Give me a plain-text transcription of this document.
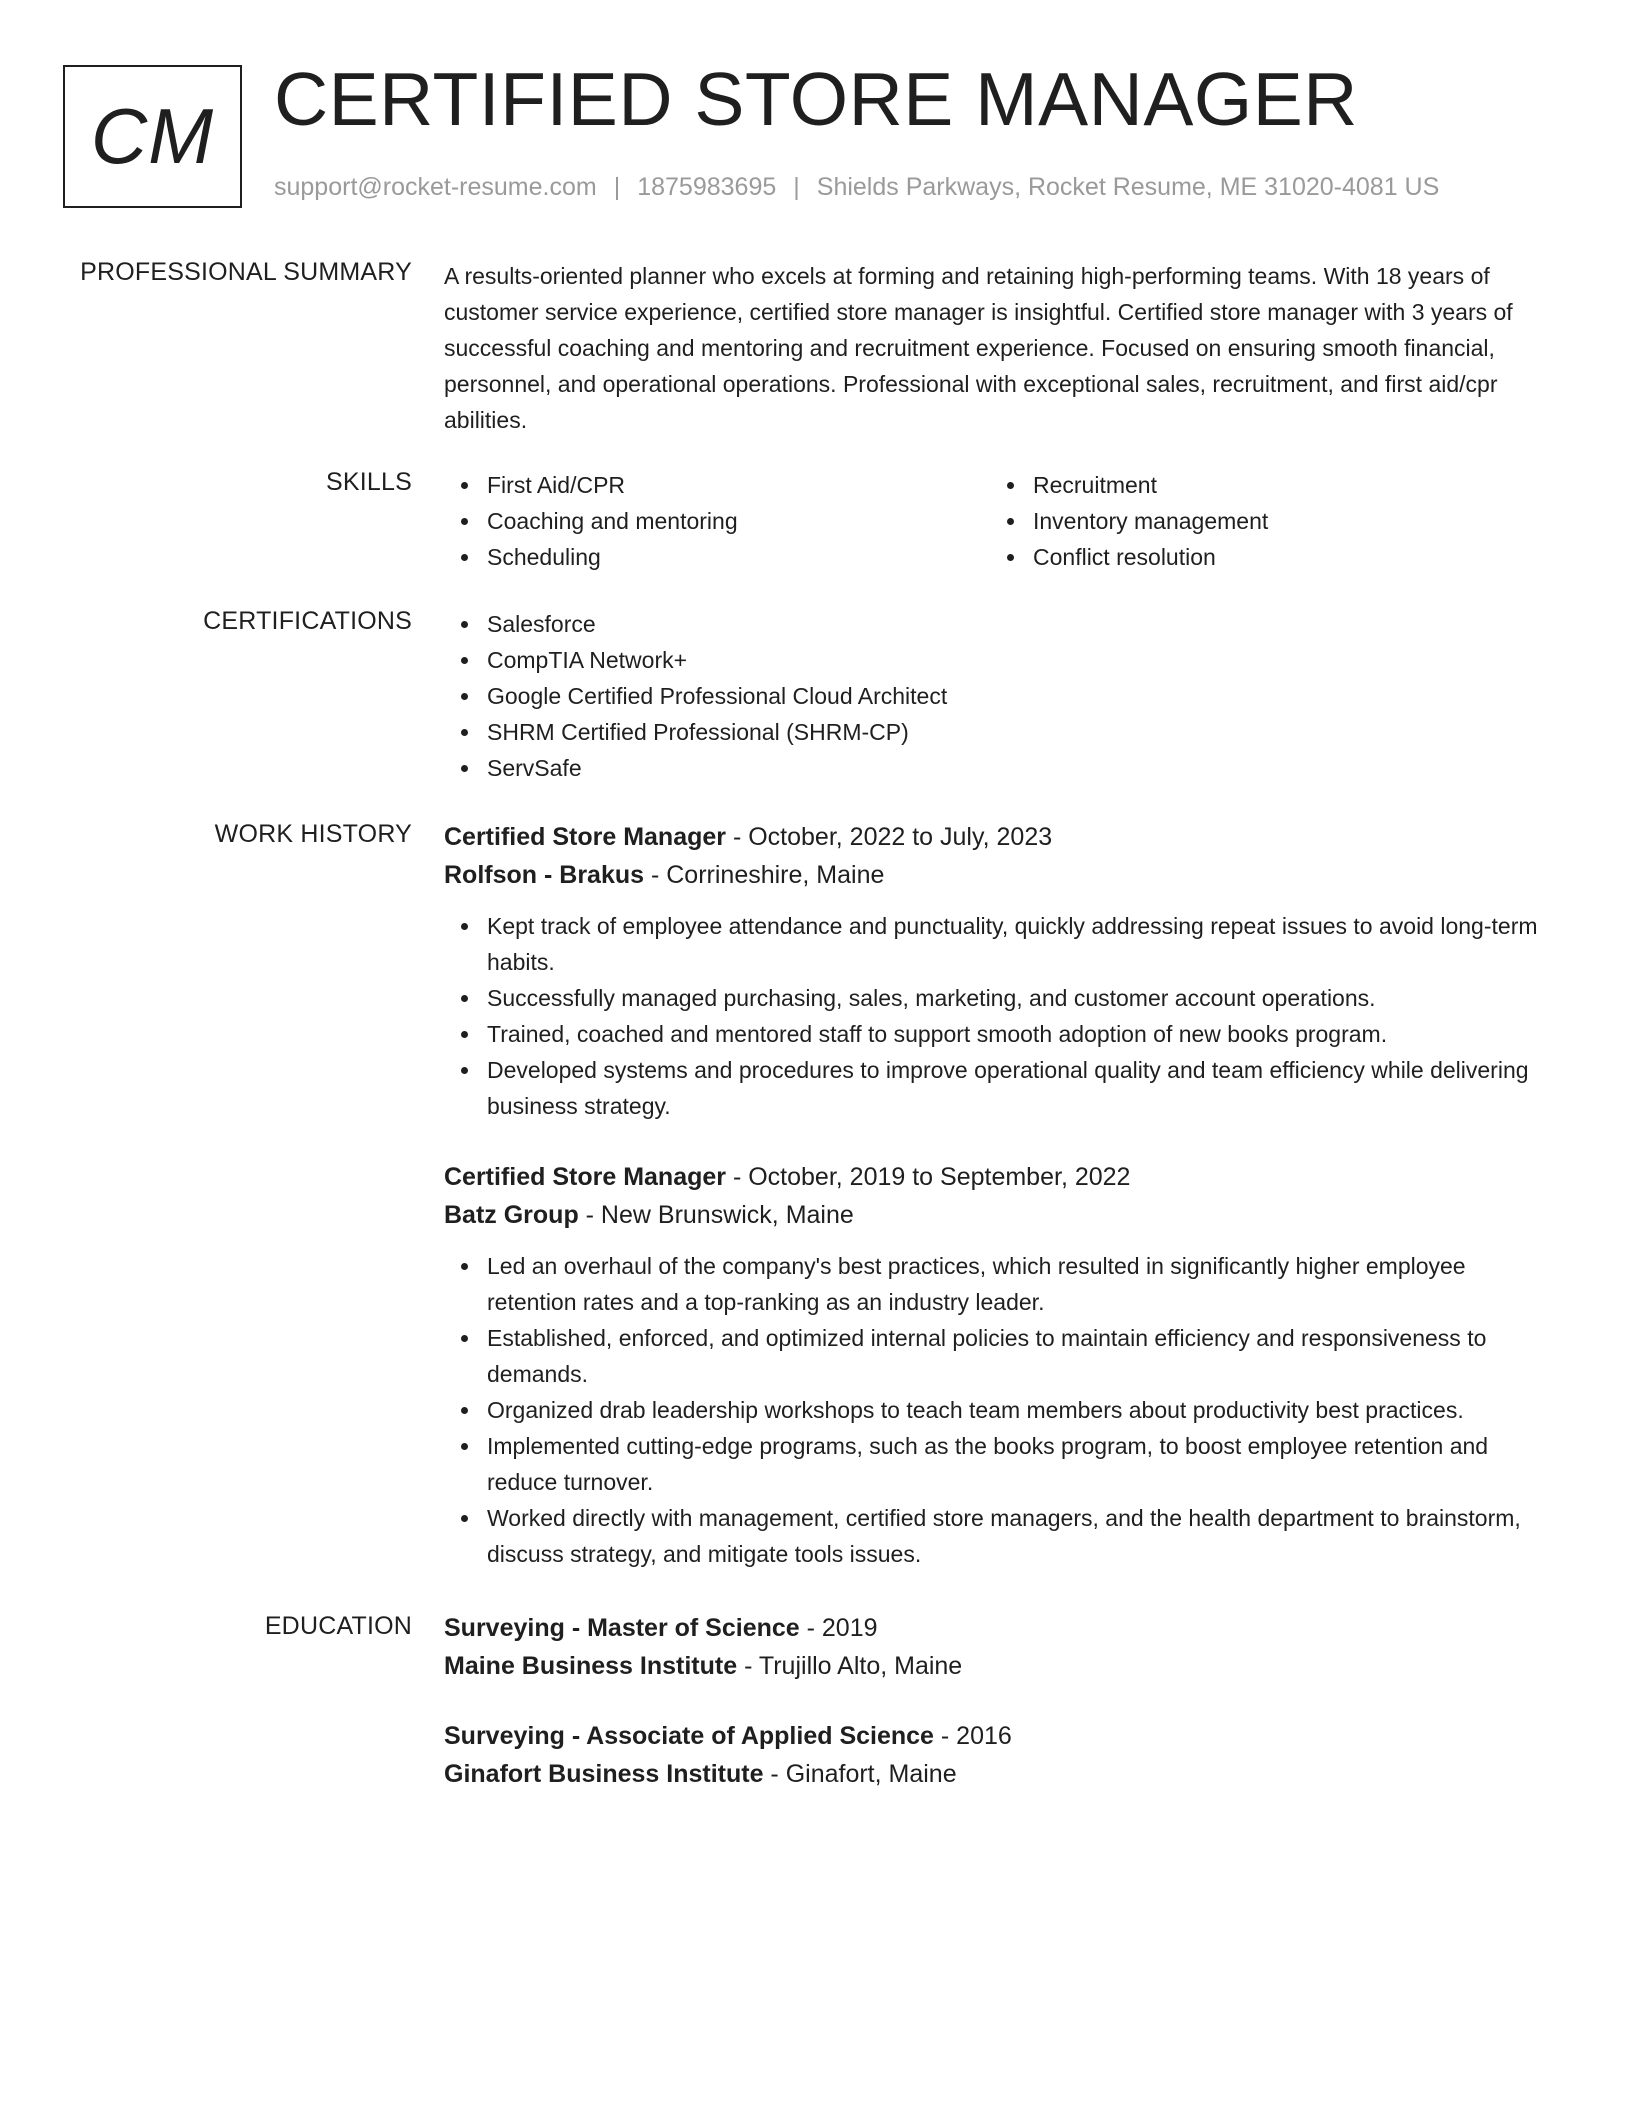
CM CERTIFIED STORE MANAGER
support@rocket-resume.com | 1875983695 | Shields Parkways, Rocket Resume, ME 31020-4081 US
PROFESSIONAL SUMMARY A results-oriented planner who excels at forming and retaining high-performing teams. With 18 years of customer service experience, certified store manager is insightful. Certified store manager with 3 years of successful coaching and mentoring and recruitment experience. Focused on ensuring smooth financial, personnel, and operational operations. Professional with exceptional sales, recruitment, and first aid/cpr abilities.
SKILLS	First Aid/CPR
Coaching and mentoring
Scheduling
Recruitment
Inventory management
Conflict resolution
CERTIFICATIONS	Salesforce
CompTIA Network+
Google Certified Professional Cloud Architect
SHRM Certified Professional (SHRM-CP)
ServSafe
WORK HISTORY Certified Store Manager - October, 2022 to July, 2023
Rolfson - Brakus - Corrineshire, Maine
Kept track of employee attendance and punctuality, quickly addressing repeat issues to avoid long-term habits.
Successfully managed purchasing, sales, marketing, and customer account operations.
Trained, coached and mentored staff to support smooth adoption of new books program.
Developed systems and procedures to improve operational quality and team efficiency while delivering business strategy.
Certified Store Manager - October, 2019 to September, 2022
Batz Group - New Brunswick, Maine
Led an overhaul of the company's best practices, which resulted in significantly higher employee retention rates and a top-ranking as an industry leader.
Established, enforced, and optimized internal policies to maintain efficiency and responsiveness to demands.
Organized drab leadership workshops to teach team members about productivity best practices.
Implemented cutting-edge programs, such as the books program, to boost employee retention and reduce turnover.
Worked directly with management, certified store managers, and the health department to brainstorm, discuss strategy, and mitigate tools issues.
EDUCATION Surveying - Master of Science - 2019
Maine Business Institute - Trujillo Alto, Maine
Surveying - Associate of Applied Science - 2016
Ginafort Business Institute - Ginafort, Maine
